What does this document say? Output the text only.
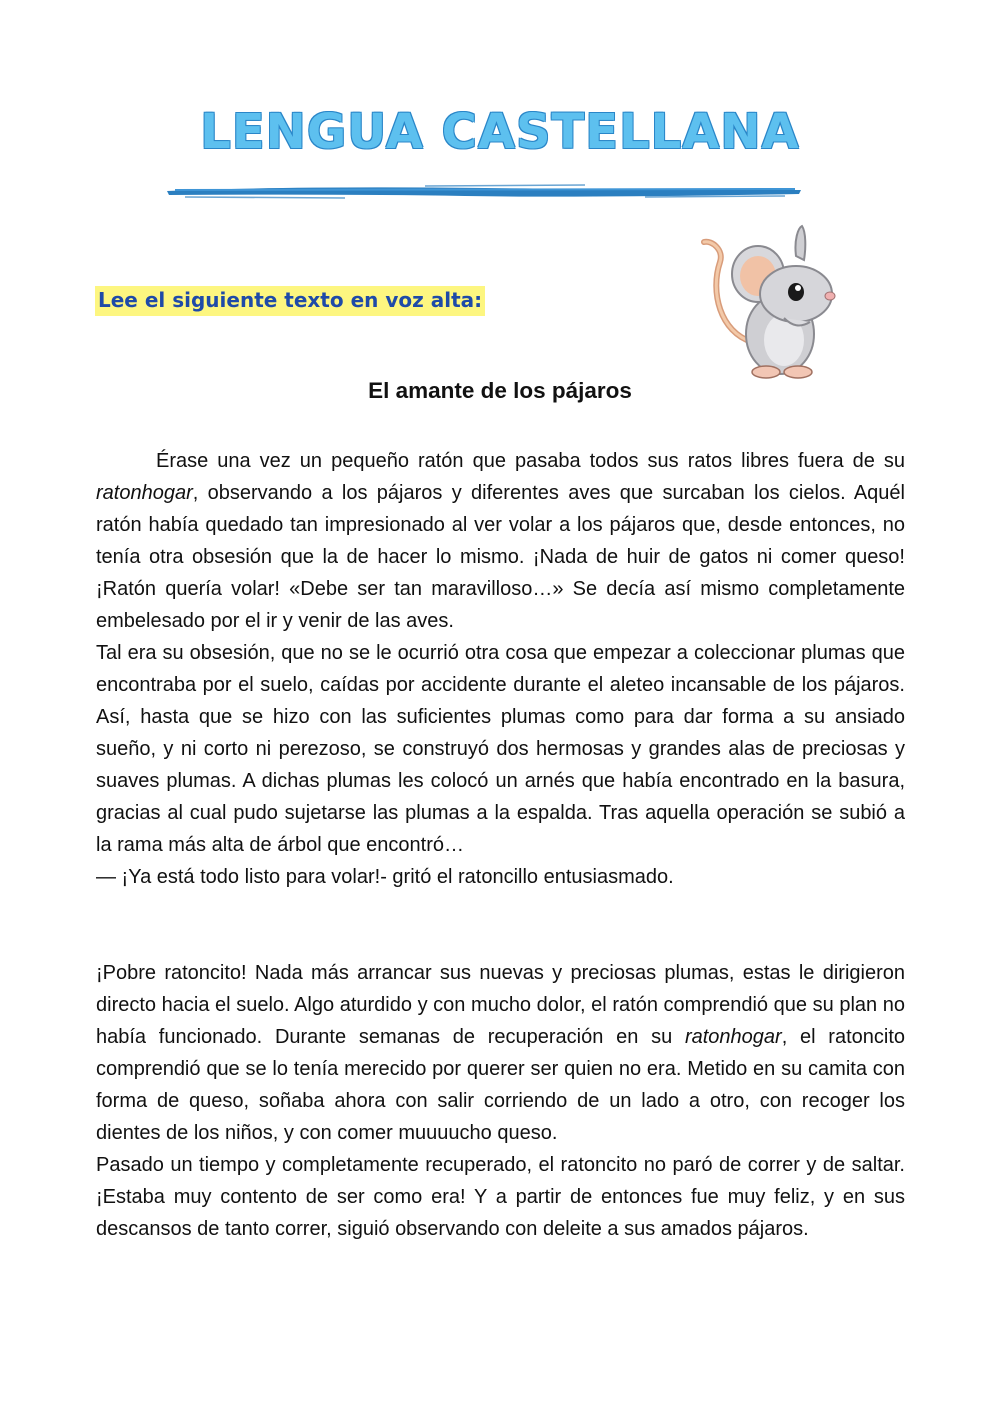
LENGUA CASTELLANA
Lee el siguiente texto en voz alta:
El amante de los pájaros

Érase una vez un pequeño ratón que pasaba todos sus ratos libres fuera de su ratonhogar, observando a los pájaros y diferentes aves que surcaban los cielos. Aquél ratón había quedado tan impresionado al ver volar a los pájaros que, desde entonces, no tenía otra obsesión que la de hacer lo mismo. ¡Nada de huir de gatos ni comer queso! ¡Ratón quería volar! «Debe ser tan maravilloso…» Se decía así mismo completamente embelesado por el ir y venir de las aves.

Tal era su obsesión, que no se le ocurrió otra cosa que empezar a coleccionar plumas que encontraba por el suelo, caídas por accidente durante el aleteo incansable de los pájaros. Así, hasta que se hizo con las suficientes plumas como para dar forma a su ansiado sueño, y ni corto ni perezoso, se construyó dos hermosas y grandes alas de preciosas y suaves plumas. A dichas plumas les colocó un arnés que había encontrado en la basura, gracias al cual pudo sujetarse las plumas a la espalda. Tras aquella operación se subió a la rama más alta de árbol que encontró…

— ¡Ya está todo listo para volar!- gritó el ratoncillo entusiasmado.

¡Pobre ratoncito! Nada más arrancar sus nuevas y preciosas plumas, estas le dirigieron directo hacia el suelo. Algo aturdido y con mucho dolor, el ratón comprendió que su plan no había funcionado. Durante semanas de recuperación en su ratonhogar, el ratoncito comprendió que se lo tenía merecido por querer ser quien no era. Metido en su camita con forma de queso, soñaba ahora con salir corriendo de un lado a otro, con recoger los dientes de los niños, y con comer muuuucho queso.

Pasado un tiempo y completamente recuperado, el ratoncito no paró de correr y de saltar. ¡Estaba muy contento de ser como era! Y a partir de entonces fue muy feliz, y en sus descansos de tanto correr, siguió observando con deleite a sus amados pájaros.
